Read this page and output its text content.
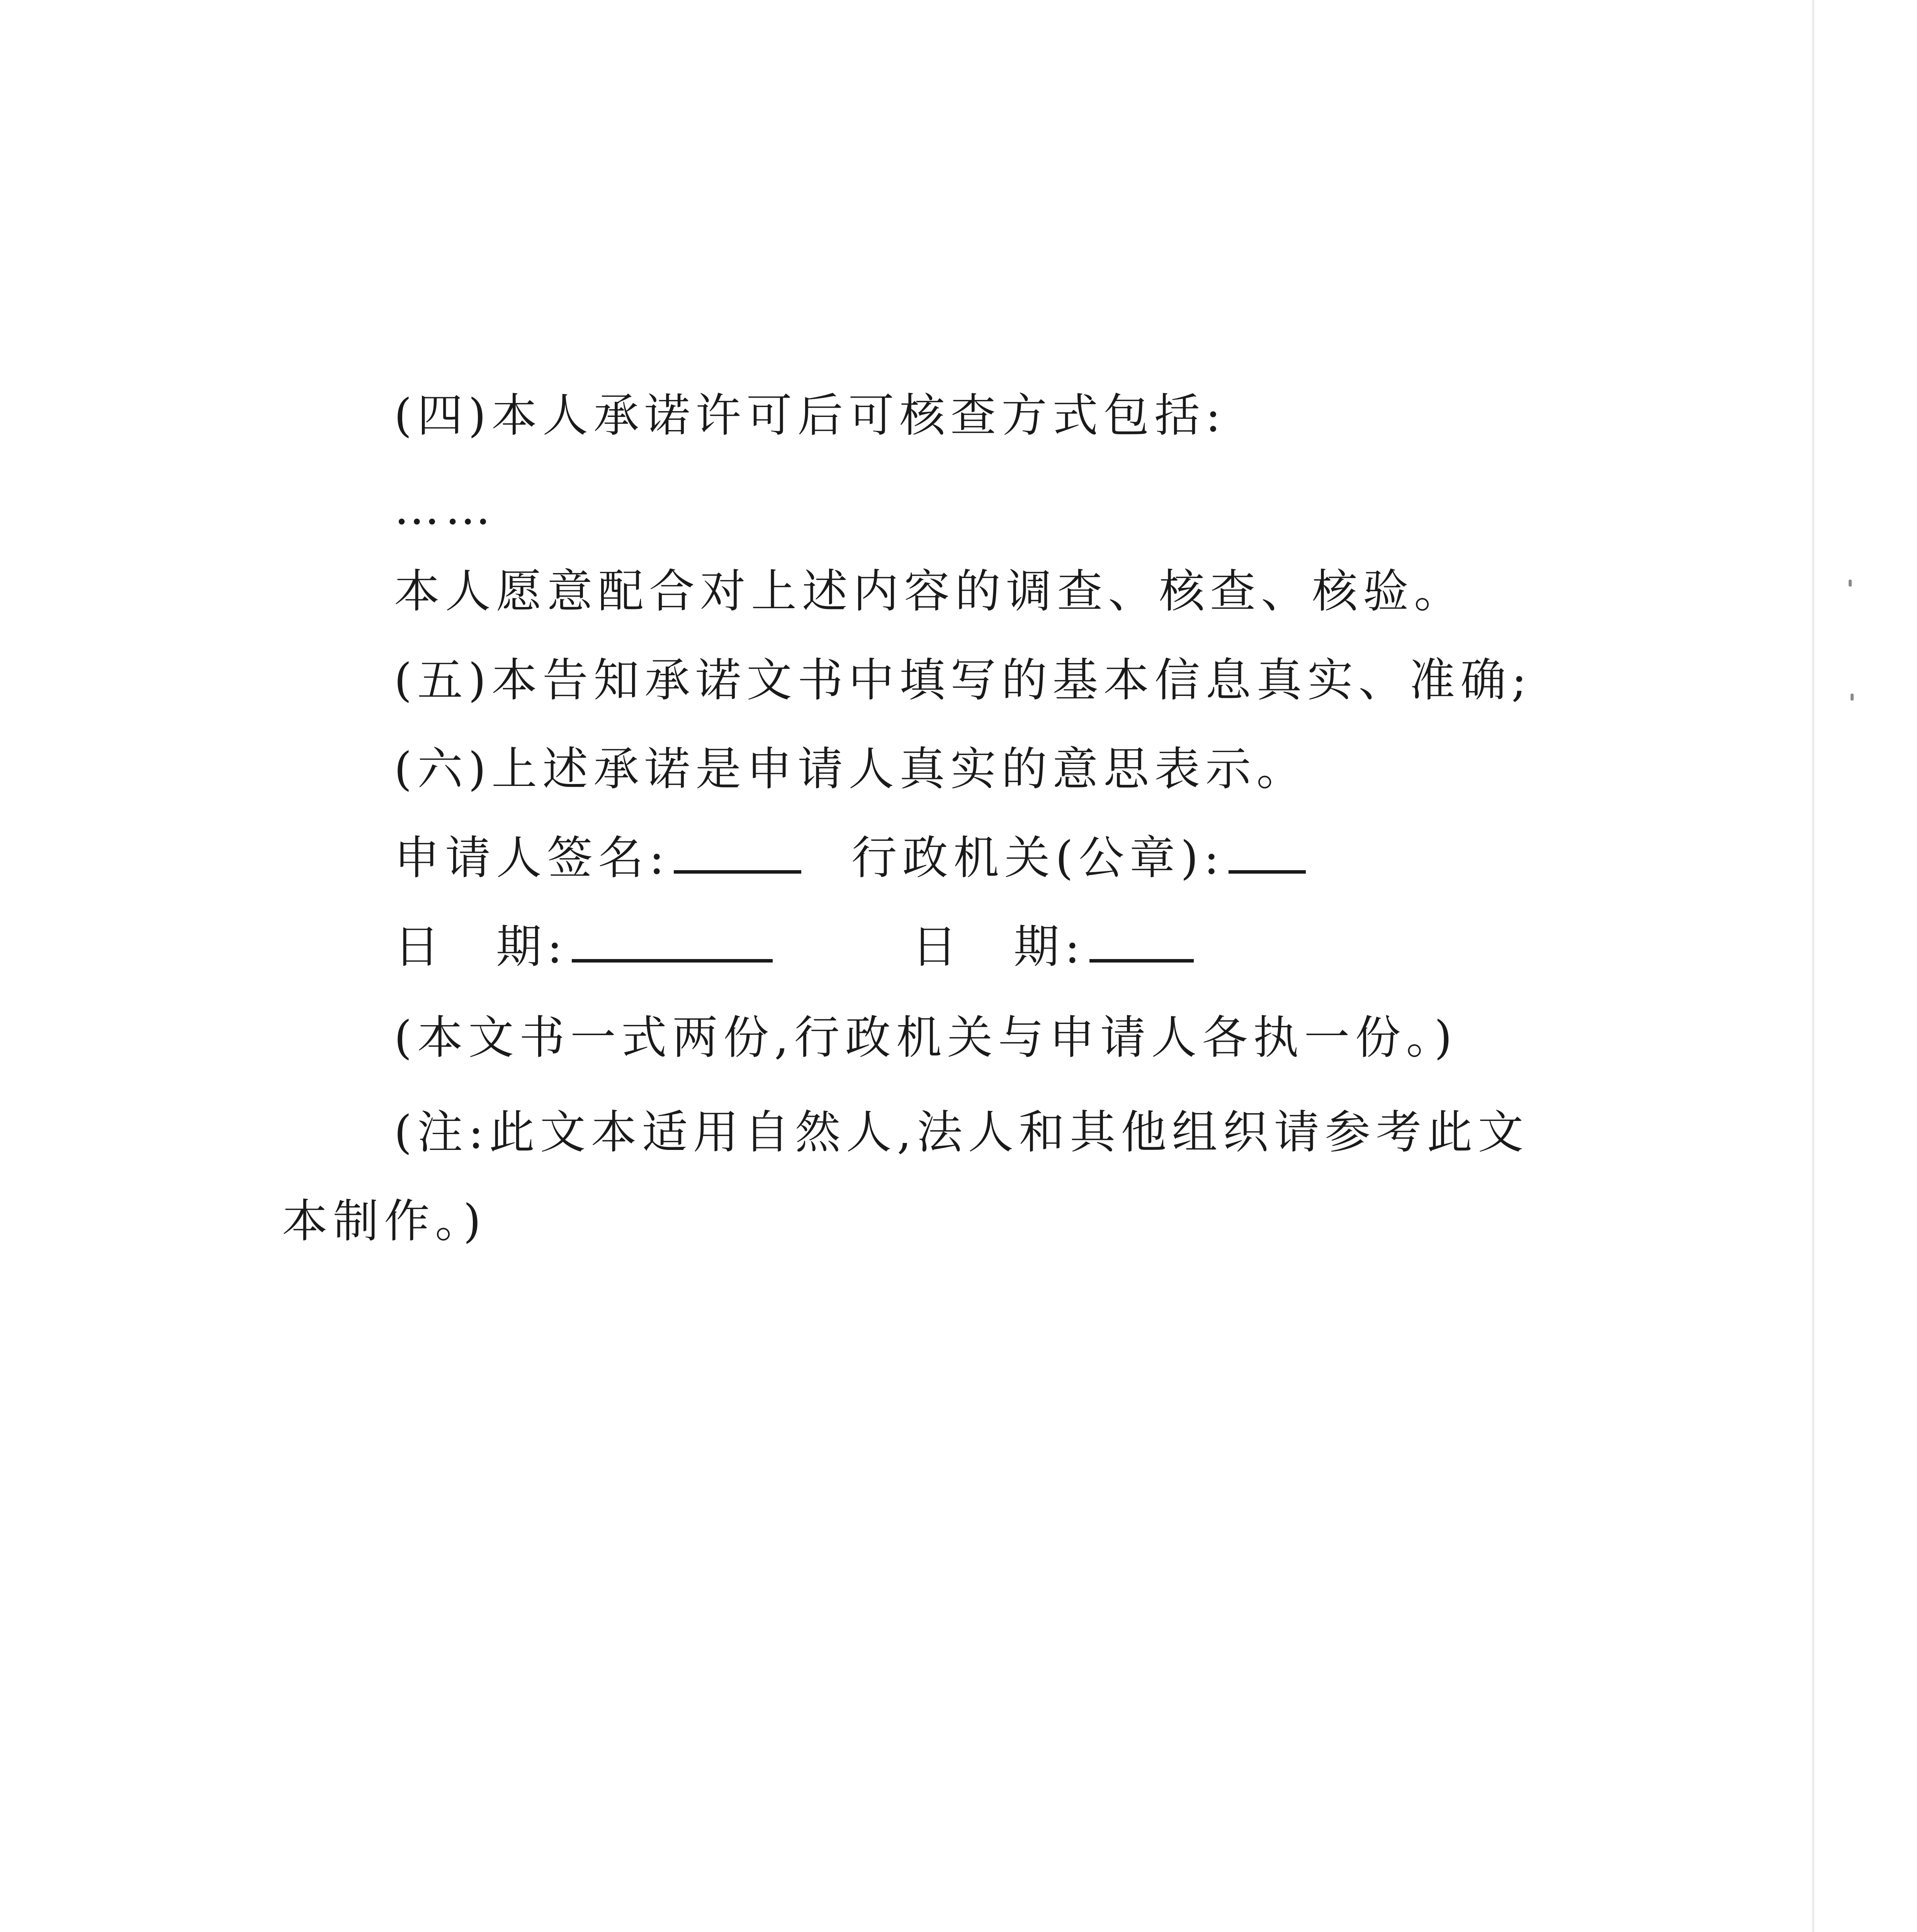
(四)本人承诺许可后可核查方式包括:
……
本人愿意配合对上述内容的调查、核查、核验。
(五)本告知承诺文书中填写的基本信息真实、准确;
(六)上述承诺是申请人真实的意思表示。
申请人签名:	行政机关(公章):
日　期:	日　期:
(本文书一式两份,行政机关与申请人各执一份。)
(注:此文本适用自然人,法人和其他组织请参考此文
本制作。)
